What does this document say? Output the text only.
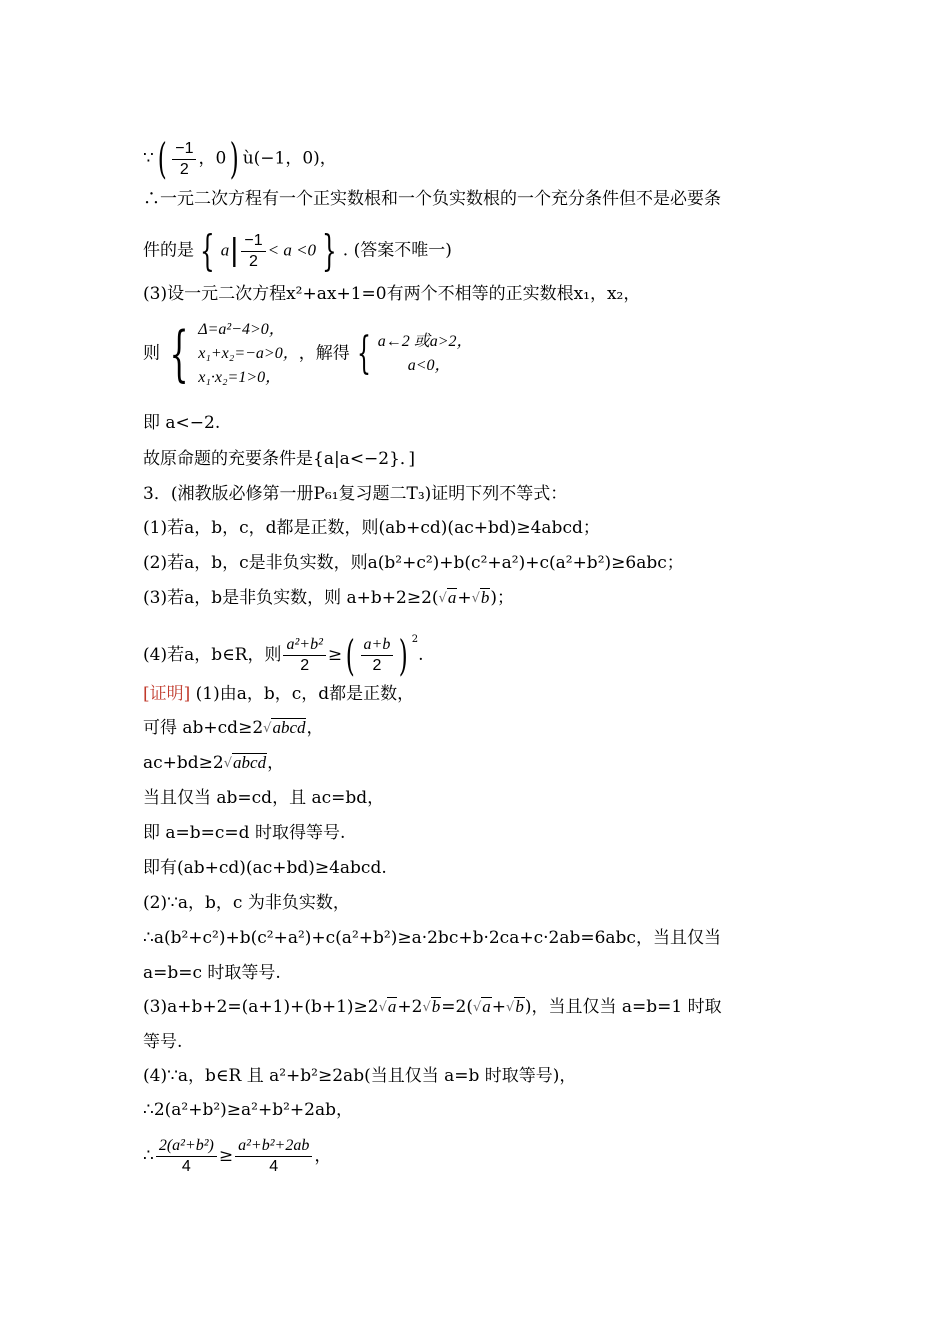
∵( $\frac{-1}{2}$ ，0) ù(−1，0)，
∴一元二次方程有一个正实数根和一个负实数根的一个充分条件但不是必要条
件的是 { $a| \frac{-1}{2} < a <0$ } . (答案不唯一)
(3)设一元二次方程x²+ax+1=0有两个不相等的正实数根x₁，x₂，
则 { Δ=a²−4>0，
x₁+x₂=−a>0，
x₁·x₂=1>0，
，解得 { a←2 或a>2，
a<0，
即 a<−2.
故原命题的充要条件是{a|a<−2}．]
3．(湘教版必修第一册P₆₁复习题二T₃)证明下列不等式：
(1)若a，b，c，d都是正数，则(ab+cd)(ac+bd)≥4abcd；
(2)若a，b，c是非负实数，则a(b²+c²)+b(c²+a²)+c(a²+b²)≥6abc；
(3)若a，b是非负实数，则 a+b+2≥2(√a+√b)；
(4)若a，b∈R，则 $\frac{\text{a²+b²}}{2}$ ≥( $\frac{a+b}{2}$ ) $^2$.
[证明] (1)由a，b，c，d都是正数，
可得 ab+cd≥2√abcd，
ac+bd≥2√abcd，
当且仅当 ab=cd，且 ac=bd，
即 a=b=c=d 时取得等号.
即有(ab+cd)(ac+bd)≥4abcd.
(2)∵a，b，c 为非负实数，
∴a(b²+c²)+b(c²+a²)+c(a²+b²)≥a·2bc+b·2ca+c·2ab=6abc，当且仅当
a=b=c 时取等号.
(3)a+b+2=(a+1)+(b+1)≥2√a+2√b=2(√a+√b)，当且仅当 a=b=1 时取
等号.
(4)∵a，b∈R 且 a²+b²≥2ab(当且仅当 a=b 时取等号)，
∴2(a²+b²)≥a²+b²+2ab，
∴ $\frac{\text{2(a²+b²)}}{4} \ge \frac{\text{a²+b²+2ab}}{4}$ ，
